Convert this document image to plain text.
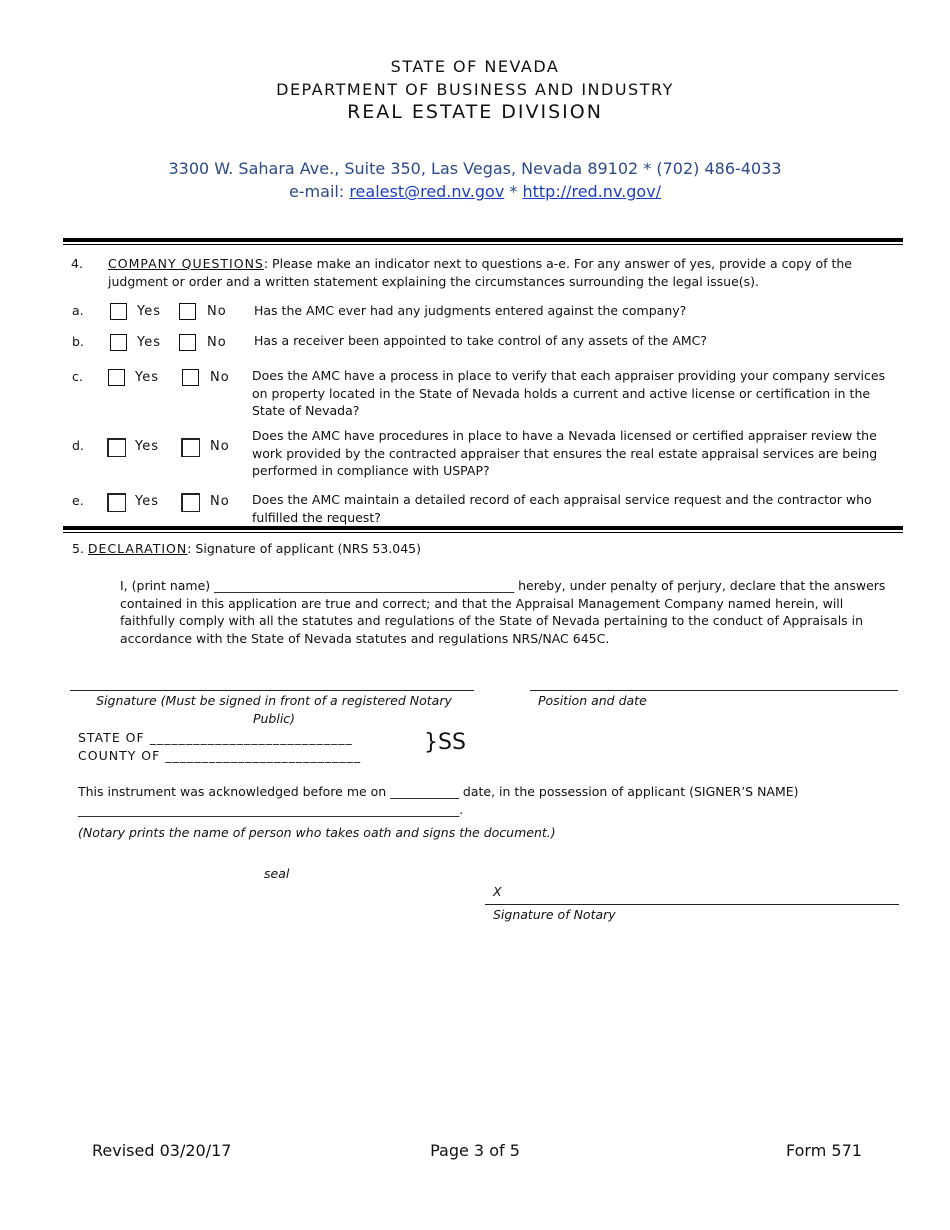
STATE OF NEVADA
DEPARTMENT OF BUSINESS AND INDUSTRY
REAL ESTATE DIVISION
3300 W. Sahara Ave., Suite 350, Las Vegas, Nevada 89102 * (702) 486-4033
e-mail: realest@red.nv.gov * http://red.nv.gov/
4. COMPANY QUESTIONS: Please make an indicator next to questions a-e. For any answer of yes, provide a copy of the
judgment or order and a written statement explaining the circumstances surrounding the legal issue(s).
a.	Yes	No Has the AMC ever had any judgments entered against the company?
b.	Yes	No Has a receiver been appointed to take control of any assets of the AMC?
c.	Yes	No Does the AMC have a process in place to verify that each appraiser providing your company services on property located in the State of Nevada holds a current and active license or certification in the State of Nevada?
d.	Yes	No
Does the AMC have procedures in place to have a Nevada licensed or certified appraiser review the work provided by the contracted appraiser that ensures the real estate appraisal services are being performed in compliance with USPAP?
e.	Yes	No Does the AMC maintain a detailed record of each appraisal service request and the contractor who fulfilled the request?
5. DECLARATION: Signature of applicant (NRS 53.045)
I, (print name) ________________________________________________ hereby, under penalty of perjury, declare that the answers
contained in this application are true and correct; and that the Appraisal Management Company named herein, will faithfully comply with all the statutes and regulations of the State of Nevada pertaining to the conduct of Appraisals in accordance with the State of Nevada statutes and regulations NRS/NAC 645C.
Signature (Must be signed in front of a registered Notary Public)
Position and date
STATE OF ____________________________
COUNTY OF ___________________________
}SS
This instrument was acknowledged before me on ___________ date, in the possession of applicant (SIGNER’S NAME)
_____________________________________________________________.
(Notary prints the name of person who takes oath and signs the document.)
seal
X
Signature of Notary
Revised 03/20/17	Page 3 of 5	Form 571
